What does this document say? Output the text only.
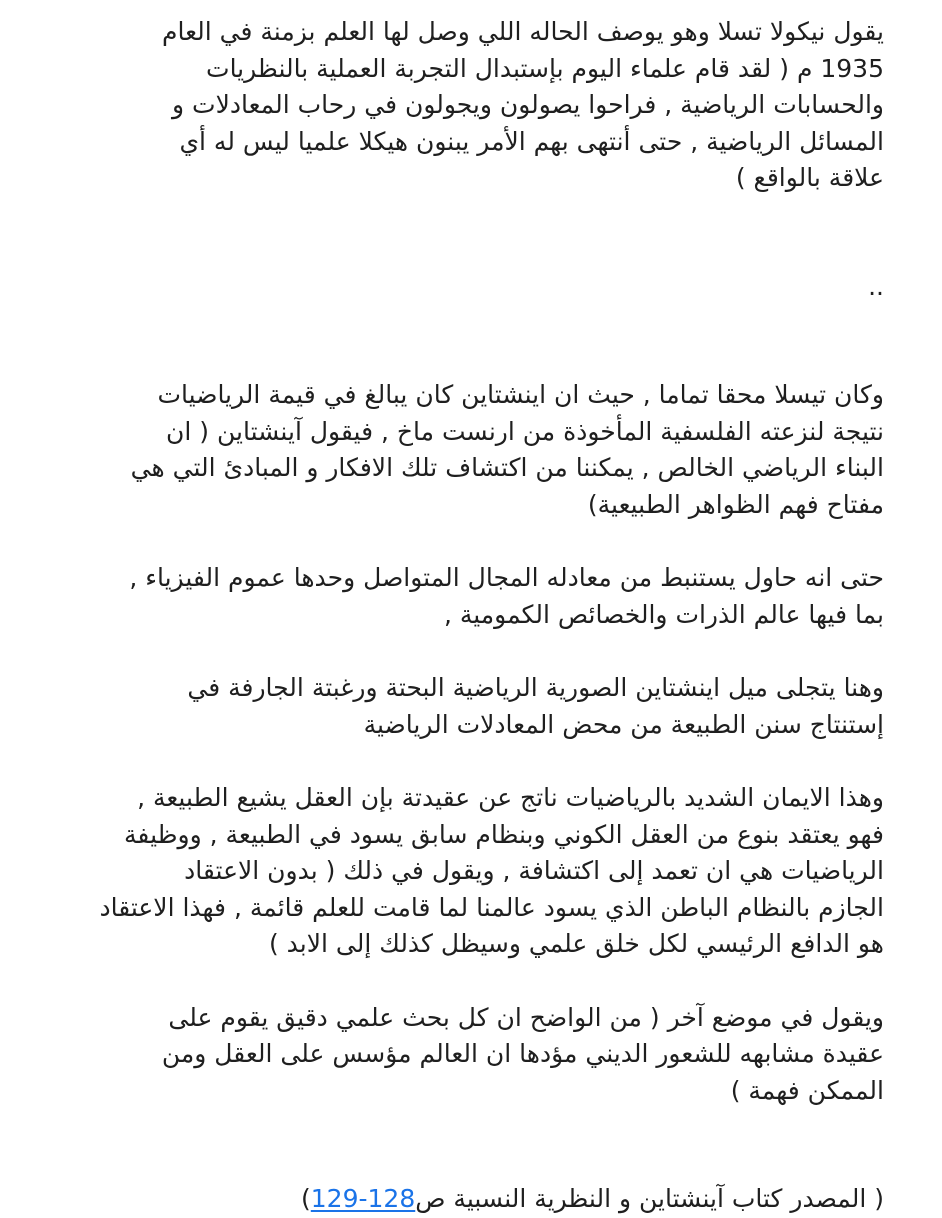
يقول نيكولا تسلا وهو يوصف الحاله اللي وصل لها العلم بزمنة في العام
1935 م ( لقد قام علماء اليوم بإستبدال التجربة العملية بالنظريات
والحسابات الرياضية , فراحوا يصولون ويجولون في رحاب المعادلات و
المسائل الرياضية , حتى أنتهى بهم الأمر يبنون هيكلا علميا ليس له أي
علاقة بالواقع )

..

وكان تيسلا محقا تماما , حيث ان اينشتاين كان يبالغ في قيمة الرياضيات
نتيجة لنزعته الفلسفية المأخوذة من ارنست ماخ , فيقول آينشتاين ( ان
البناء الرياضي الخالص , يمكننا من اكتشاف تلك الافكار و المبادئ التي هي
مفتاح فهم الظواهر الطبيعية)

حتى انه حاول يستنبط من معادله المجال المتواصل وحدها عموم الفيزياء ,
بما فيها عالم الذرات والخصائص الكمومية ,

وهنا يتجلى ميل اينشتاين الصورية الرياضية البحتة ورغبتة الجارفة في
إستنتاج سنن الطبيعة من محض المعادلات الرياضية

وهذا الايمان الشديد بالرياضيات ناتج عن عقيدتة بإن العقل يشيع الطبيعة ,
فهو يعتقد بنوع من العقل الكوني وبنظام سابق يسود في الطبيعة , ووظيفة
الرياضيات هي ان تعمد إلى اكتشافة , ويقول في ذلك ( بدون الاعتقاد
الجازم بالنظام الباطن الذي يسود عالمنا لما قامت للعلم قائمة , فهذا الاعتقاد
هو الدافع الرئيسي لكل خلق علمي وسيظل كذلك إلى الابد )

ويقول في موضع آخر ( من الواضح ان كل بحث علمي دقيق يقوم على
عقيدة مشابهه للشعور الديني مؤدها ان العالم مؤسس على العقل ومن
الممكن فهمة )

( المصدر كتاب آينشتاين و النظرية النسبية ص128-129)
